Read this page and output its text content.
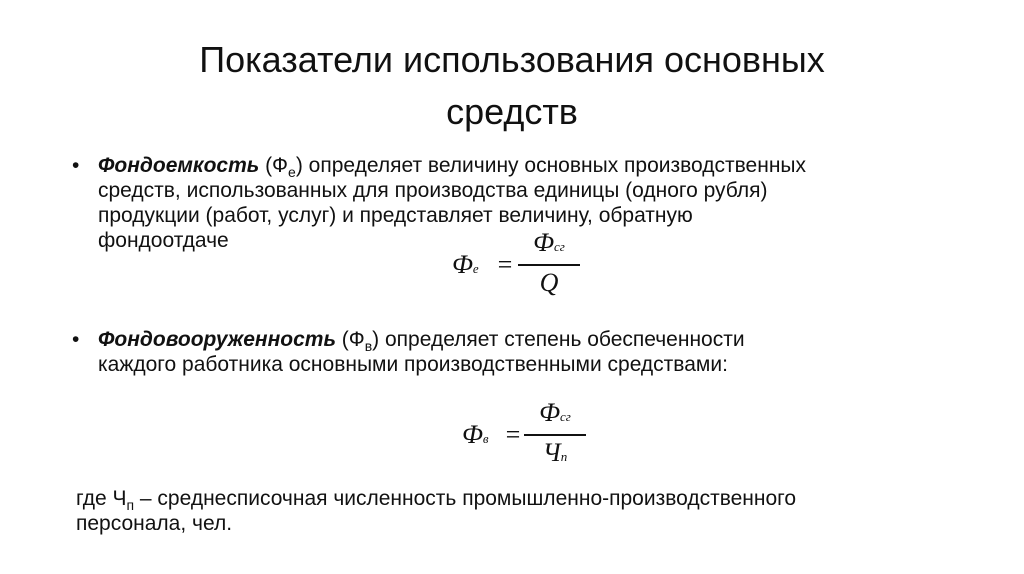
Показатели использования основных
средств
• Фондоемкость $(Ф_е)$ определяет величину основных производственных
средств, использованных для производства единицы (одного рубля)
продукции (работ, услуг) и представляет величину, обратную
фондоотдаче
Фе =
Фсг
Q
• Фондовооруженность $(Ф_в)$ определяет степень обеспеченности
каждого работника основными производственными средствами:
Фв =
Фсг
Чп
где $Ч_п$ – среднесписочная численность промышленно-производственного
персонала, чел.
